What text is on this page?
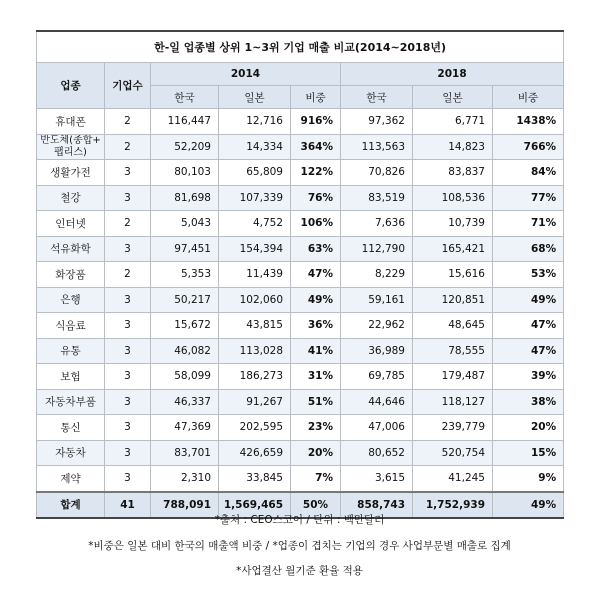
한-일 업종별 상위 1~3위 기업 매출 비교(2014~2018년)							
업종	기업수	2014			2018		
		한국	일본	비중	한국	일본	비중
휴대폰	2	116,447	12,716	916%	97,362	6,771	1438%
반도체(종합+
팹리스)	2	52,209	14,334	364%	113,563	14,823	766%
생활가전	3	80,103	65,809	122%	70,826	83,837	84%
철강	3	81,698	107,339	76%	83,519	108,536	77%
인터넷	2	5,043	4,752	106%	7,636	10,739	71%
석유화학	3	97,451	154,394	63%	112,790	165,421	68%
화장품	2	5,353	11,439	47%	8,229	15,616	53%
은행	3	50,217	102,060	49%	59,161	120,851	49%
식음료	3	15,672	43,815	36%	22,962	48,645	47%
유통	3	46,082	113,028	41%	36,989	78,555	47%
보험	3	58,099	186,273	31%	69,785	179,487	39%
자동차부품	3	46,337	91,267	51%	44,646	118,127	38%
통신	3	47,369	202,595	23%	47,006	239,779	20%
자동차	3	83,701	426,659	20%	80,652	520,754	15%
제약	3	2,310	33,845	7%	3,615	41,245	9%
합계	41	788,091	1,569,465	50%	858,743	1,752,939	49%
*출처 : CEO스코어 / 단위 : 백만달러
*비중은 일본 대비 한국의 매출액 비중 / *업종이 겹치는 기업의 경우 사업부문별 매출로 집계
*사업결산 월기준 환율 적용
